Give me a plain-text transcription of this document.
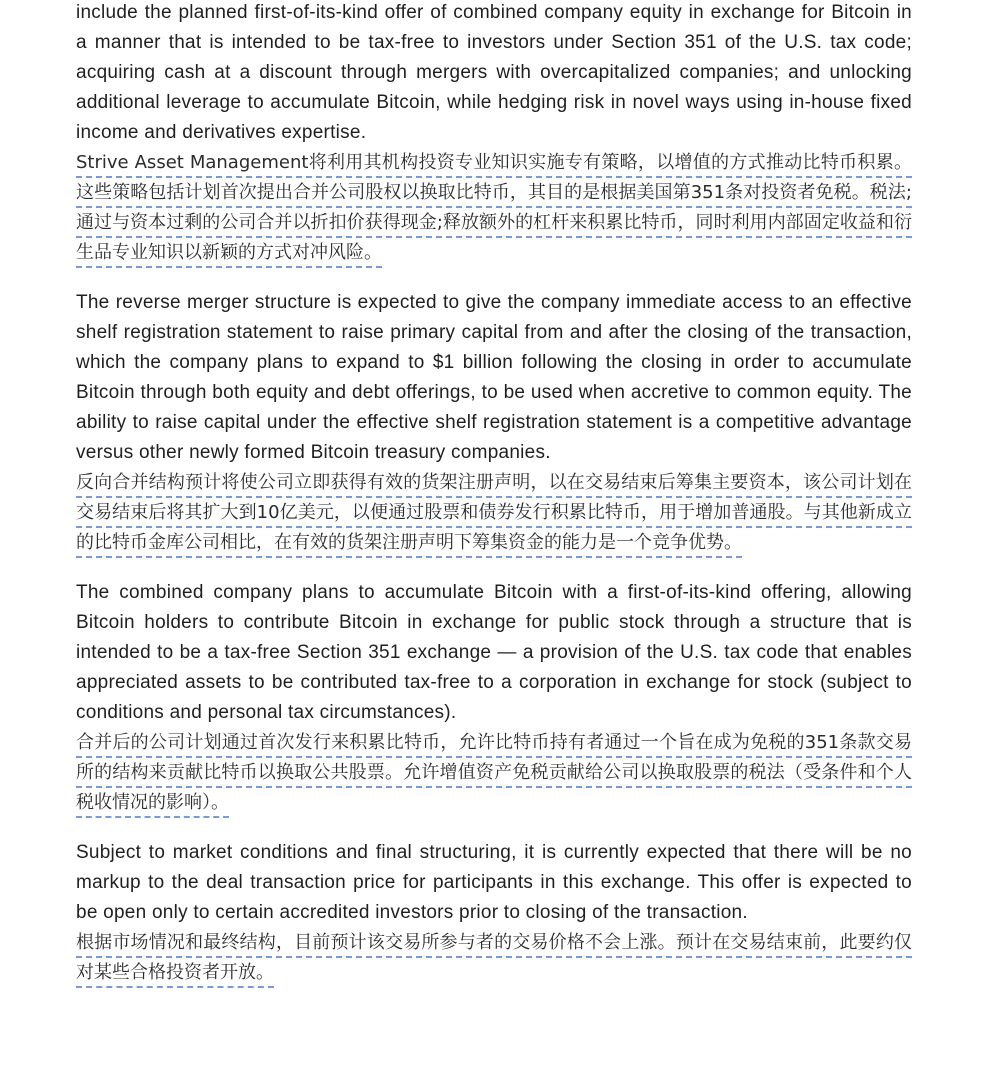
include the planned first-of-its-kind offer of combined company equity in exchange for Bitcoin in a manner that is intended to be tax-free to investors under Section 351 of the U.S. tax code; acquiring cash at a discount through mergers with overcapitalized companies; and unlocking additional leverage to accumulate Bitcoin, while hedging risk in novel ways using in-house fixed income and derivatives expertise.

Strive Asset Management将利用其机构投资专业知识实施专有策略，以增值的方式推动比特币积累。这些策略包括计划首次提出合并公司股权以换取比特币，其目的是根据美国第351条对投资者免税。税法;通过与资本过剩的公司合并以折扣价获得现金;释放额外的杠杆来积累比特币，同时利用内部固定收益和衍生品专业知识以新颖的方式对冲风险。

The reverse merger structure is expected to give the company immediate access to an effective shelf registration statement to raise primary capital from and after the closing of the transaction, which the company plans to expand to $1 billion following the closing in order to accumulate Bitcoin through both equity and debt offerings, to be used when accretive to common equity. The ability to raise capital under the effective shelf registration statement is a competitive advantage versus other newly formed Bitcoin treasury companies.

反向合并结构预计将使公司立即获得有效的货架注册声明，以在交易结束后筹集主要资本，该公司计划在交易结束后将其扩大到10亿美元，以便通过股票和债券发行积累比特币，用于增加普通股。与其他新成立的比特币金库公司相比，在有效的货架注册声明下筹集资金的能力是一个竞争优势。

The combined company plans to accumulate Bitcoin with a first-of-its-kind offering, allowing Bitcoin holders to contribute Bitcoin in exchange for public stock through a structure that is intended to be a tax-free Section 351 exchange — a provision of the U.S. tax code that enables appreciated assets to be contributed tax-free to a corporation in exchange for stock (subject to conditions and personal tax circumstances).

合并后的公司计划通过首次发行来积累比特币，允许比特币持有者通过一个旨在成为免税的351条款交易所的结构来贡献比特币以换取公共股票。允许增值资产免税贡献给公司以换取股票的税法（受条件和个人税收情况的影响）。

Subject to market conditions and final structuring, it is currently expected that there will be no markup to the deal transaction price for participants in this exchange. This offer is expected to be open only to certain accredited investors prior to closing of the transaction.

根据市场情况和最终结构，目前预计该交易所参与者的交易价格不会上涨。预计在交易结束前，此要约仅对某些合格投资者开放。
